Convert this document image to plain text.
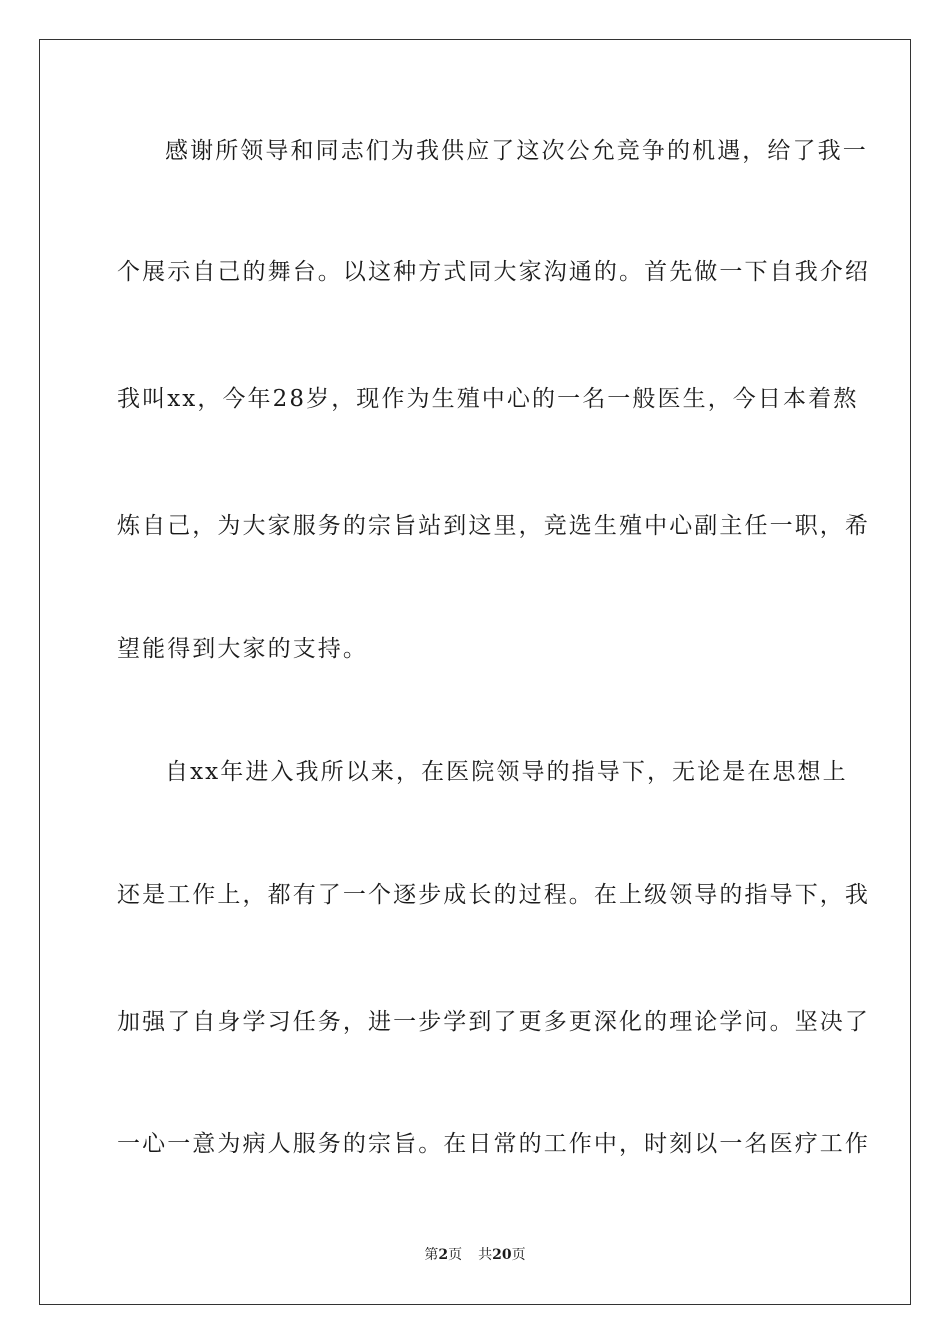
感谢所领导和同志们为我供应了这次公允竞争的机遇，给了我一
个展示自己的舞台。以这种方式同大家沟通的。首先做一下自我介绍
我叫xx，今年28岁，现作为生殖中心的一名一般医生，今日本着熬
炼自己，为大家服务的宗旨站到这里，竞选生殖中心副主任一职，希
望能得到大家的支持。
自xx年进入我所以来，在医院领导的指导下，无论是在思想上
还是工作上，都有了一个逐步成长的过程。在上级领导的指导下，我
加强了自身学习任务，进一步学到了更多更深化的理论学问。坚决了
一心一意为病人服务的宗旨。在日常的工作中，时刻以一名医疗工作
第2页 共20页
